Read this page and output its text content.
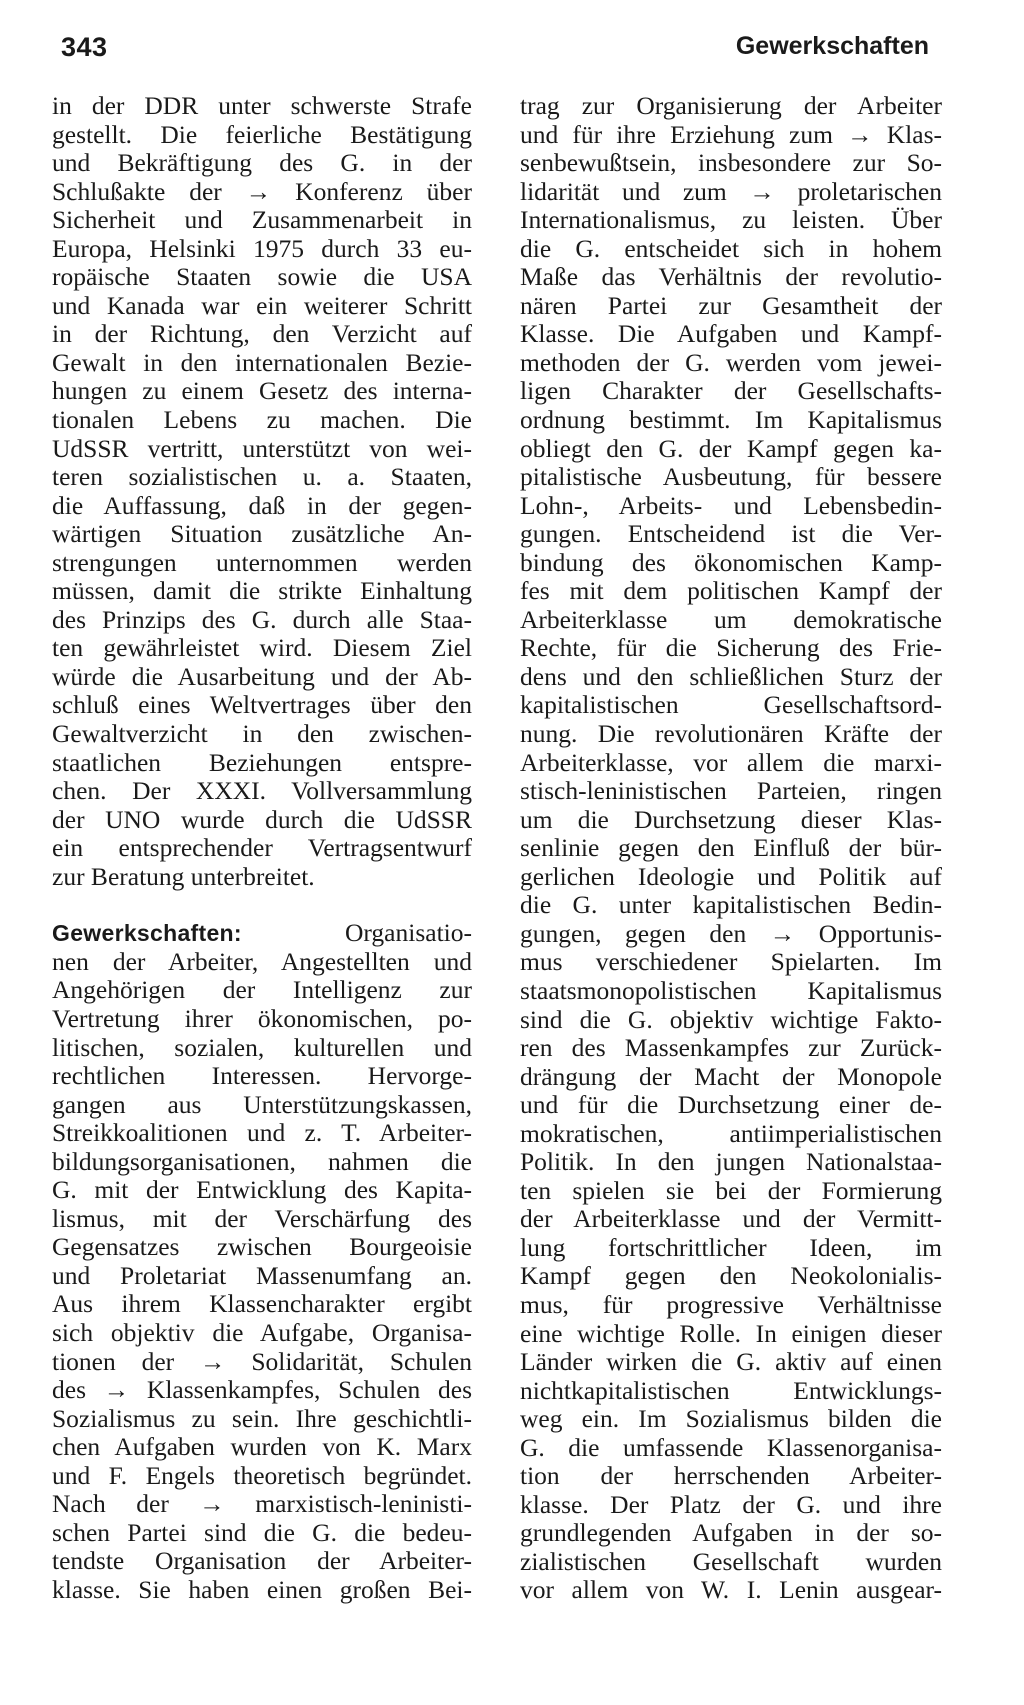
343	Gewerkschaften
in der DDR unter schwerste Strafe
gestellt. Die feierliche Bestätigung
und Bekräftigung des G. in der
Schlußakte der → Konferenz über
Sicherheit und Zusammenarbeit in
Europa, Helsinki 1975 durch 33 eu-
ropäische Staaten sowie die USA
und Kanada war ein weiterer Schritt
in der Richtung, den Verzicht auf
Gewalt in den internationalen Bezie-
hungen zu einem Gesetz des interna-
tionalen Lebens zu machen. Die
UdSSR vertritt, unterstützt von wei-
teren sozialistischen u. a. Staaten,
die Auffassung, daß in der gegen-
wärtigen Situation zusätzliche An-
strengungen unternommen werden
müssen, damit die strikte Einhaltung
des Prinzips des G. durch alle Staa-
ten gewährleistet wird. Diesem Ziel
würde die Ausarbeitung und der Ab-
schluß eines Weltvertrages über den
Gewaltverzicht in den zwischen-
staatlichen Beziehungen entspre-
chen. Der XXXI. Vollversammlung
der UNO wurde durch die UdSSR
ein entsprechender Vertragsentwurf
zur Beratung unterbreitet.
Gewerkschaften:	Organisatio-
nen der Arbeiter, Angestellten und
Angehörigen der Intelligenz zur
Vertretung ihrer ökonomischen, po-
litischen, sozialen, kulturellen und
rechtlichen Interessen. Hervorge-
gangen aus Unterstützungskassen,
Streikkoalitionen und z. T. Arbeiter-
bildungsorganisationen, nahmen die
G. mit der Entwicklung des Kapita-
lismus, mit der Verschärfung des
Gegensatzes zwischen Bourgeoisie
und Proletariat Massenumfang an.
Aus ihrem Klassencharakter ergibt
sich objektiv die Aufgabe, Organisa-
tionen der → Solidarität, Schulen
des → Klassenkampfes, Schulen des
Sozialismus zu sein. Ihre geschichtli-
chen Aufgaben wurden von K. Marx
und F. Engels theoretisch begründet.
Nach der → marxistisch-leninisti-
schen Partei sind die G. die bedeu-
tendste Organisation der Arbeiter-
klasse. Sie haben einen großen Bei-
trag zur Organisierung der Arbeiter
und für ihre Erziehung zum → Klas-
senbewußtsein, insbesondere zur So-
lidarität und zum → proletarischen
Internationalismus, zu leisten. Über
die G. entscheidet sich in hohem
Maße das Verhältnis der revolutio-
nären Partei zur Gesamtheit der
Klasse. Die Aufgaben und Kampf-
methoden der G. werden vom jewei-
ligen Charakter der Gesellschafts-
ordnung bestimmt. Im Kapitalismus
obliegt den G. der Kampf gegen ka-
pitalistische Ausbeutung, für bessere
Lohn-, Arbeits- und Lebensbedin-
gungen. Entscheidend ist die Ver-
bindung des ökonomischen Kamp-
fes mit dem politischen Kampf der
Arbeiterklasse um demokratische
Rechte, für die Sicherung des Frie-
dens und den schließlichen Sturz der
kapitalistischen Gesellschaftsord-
nung. Die revolutionären Kräfte der
Arbeiterklasse, vor allem die marxi-
stisch-leninistischen Parteien, ringen
um die Durchsetzung dieser Klas-
senlinie gegen den Einfluß der bür-
gerlichen Ideologie und Politik auf
die G. unter kapitalistischen Bedin-
gungen, gegen den → Opportunis-
mus verschiedener Spielarten. Im
staatsmonopolistischen Kapitalismus
sind die G. objektiv wichtige Fakto-
ren des Massenkampfes zur Zurück-
drängung der Macht der Monopole
und für die Durchsetzung einer de-
mokratischen, antiimperialistischen
Politik. In den jungen Nationalstaa-
ten spielen sie bei der Formierung
der Arbeiterklasse und der Vermitt-
lung fortschrittlicher Ideen, im
Kampf gegen den Neokolonialis-
mus, für progressive Verhältnisse
eine wichtige Rolle. In einigen dieser
Länder wirken die G. aktiv auf einen
nichtkapitalistischen Entwicklungs-
weg ein. Im Sozialismus bilden die
G. die umfassende Klassenorganisa-
tion der herrschenden Arbeiter-
klasse. Der Platz der G. und ihre
grundlegenden Aufgaben in der so-
zialistischen Gesellschaft wurden
vor allem von W. I. Lenin ausgear-
